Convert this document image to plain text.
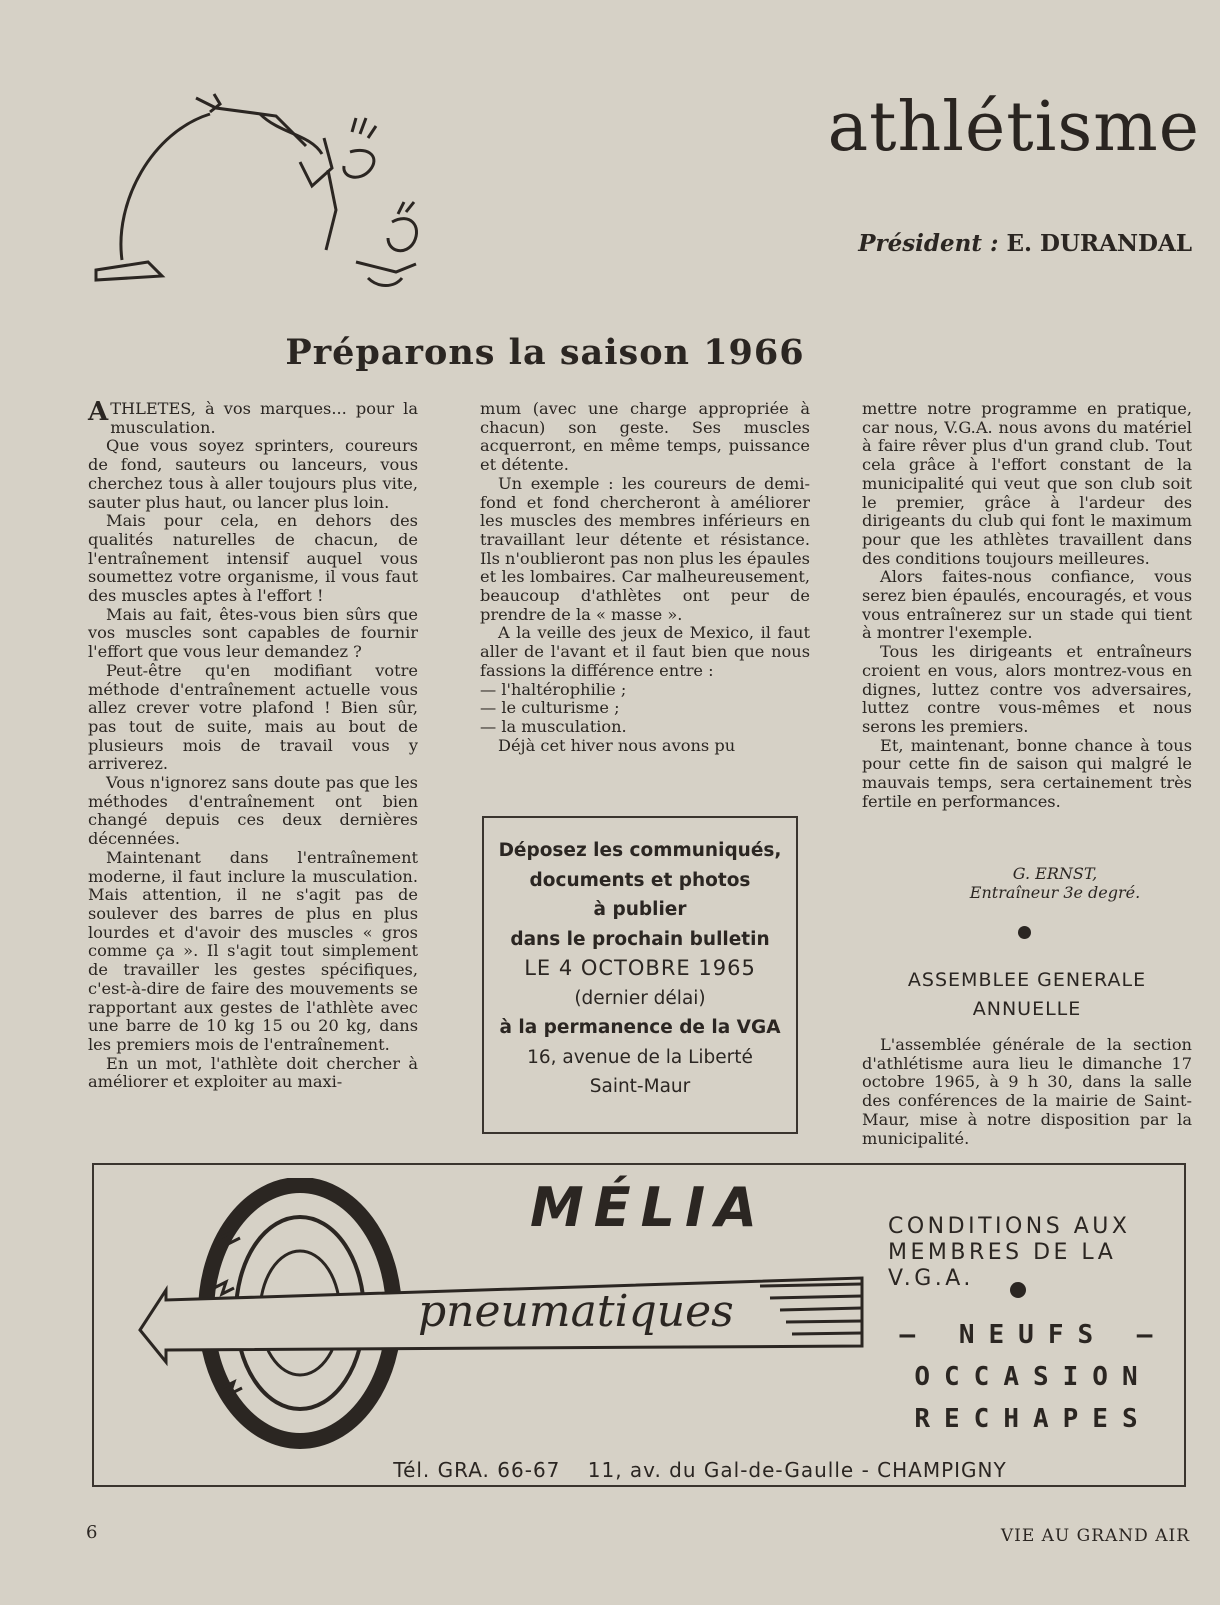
athlétisme
Président : E. DURANDAL
Préparons la saison 1966

ATHLETES, à vos marques... pour la musculation.

Que vous soyez sprinters, coureurs de fond, sauteurs ou lanceurs, vous cherchez tous à aller toujours plus vite, sauter plus haut, ou lancer plus loin.

Mais pour cela, en dehors des qualités naturelles de chacun, de l'entraînement intensif auquel vous soumettez votre organisme, il vous faut des muscles aptes à l'effort !

Mais au fait, êtes-vous bien sûrs que vos muscles sont capables de fournir l'effort que vous leur demandez ?

Peut-être qu'en modifiant votre méthode d'entraînement actuelle vous allez crever votre plafond ! Bien sûr, pas tout de suite, mais au bout de plusieurs mois de travail vous y arriverez.

Vous n'ignorez sans doute pas que les méthodes d'entraînement ont bien changé depuis ces deux dernières décennées.

Maintenant dans l'entraînement moderne, il faut inclure la musculation. Mais attention, il ne s'agit pas de soulever des barres de plus en plus lourdes et d'avoir des muscles « gros comme ça ». Il s'agit tout simplement de travailler les gestes spécifiques, c'est-à-dire de faire des mouvements se rapportant aux gestes de l'athlète avec une barre de 10 kg 15 ou 20 kg, dans les premiers mois de l'entraînement.

En un mot, l'athlète doit chercher à améliorer et exploiter au maxi-

mum (avec une charge appropriée à chacun) son geste. Ses muscles acquerront, en même temps, puissance et détente.

Un exemple : les coureurs de demi-fond et fond chercheront à améliorer les muscles des membres inférieurs en travaillant leur détente et résistance. Ils n'oublieront pas non plus les épaules et les lombaires. Car malheureusement, beaucoup d'athlètes ont peur de prendre de la « masse ».

A la veille des jeux de Mexico, il faut aller de l'avant et il faut bien que nous fassions la différence entre :

— l'haltérophilie ;

— le culturisme ;

— la musculation.

Déjà cet hiver nous avons pu

Déposez les communiqués,
documents et photos
à publier
dans le prochain bulletin
LE 4 OCTOBRE 1965
(dernier délai)
à la permanence de la VGA
16, avenue de la Liberté
Saint-Maur

mettre notre programme en pratique, car nous, V.G.A. nous avons du matériel à faire rêver plus d'un grand club. Tout cela grâce à l'effort constant de la municipalité qui veut que son club soit le premier, grâce à l'ardeur des dirigeants du club qui font le maximum pour que les athlètes travaillent dans des conditions toujours meilleures.

Alors faites-nous confiance, vous serez bien épaulés, encouragés, et vous vous entraînerez sur un stade qui tient à montrer l'exemple.

Tous les dirigeants et entraîneurs croient en vous, alors montrez-vous en dignes, luttez contre vos adversaires, luttez contre vous-mêmes et nous serons les premiers.

Et, maintenant, bonne chance à tous pour cette fin de saison qui malgré le mauvais temps, sera certainement très fertile en performances.

G. ERNST,
Entraîneur 3e degré.
ASSEMBLEE GENERALE
ANNUELLE

L'assemblée générale de la section d'athlétisme aura lieu le dimanche 17 octobre 1965, à 9 h 30, dans la salle des conférences de la mairie de Saint-Maur, mise à notre disposition par la municipalité.

MÉLIA
pneumatiques
CONDITIONS AUX
MEMBRES DE LA V.G.A.
— NEUFS —
OCCASION
RECHAPES
Tél. GRA. 66-67 11, av. du Gal-de-Gaulle - CHAMPIGNY
6	VIE AU GRAND AIR
